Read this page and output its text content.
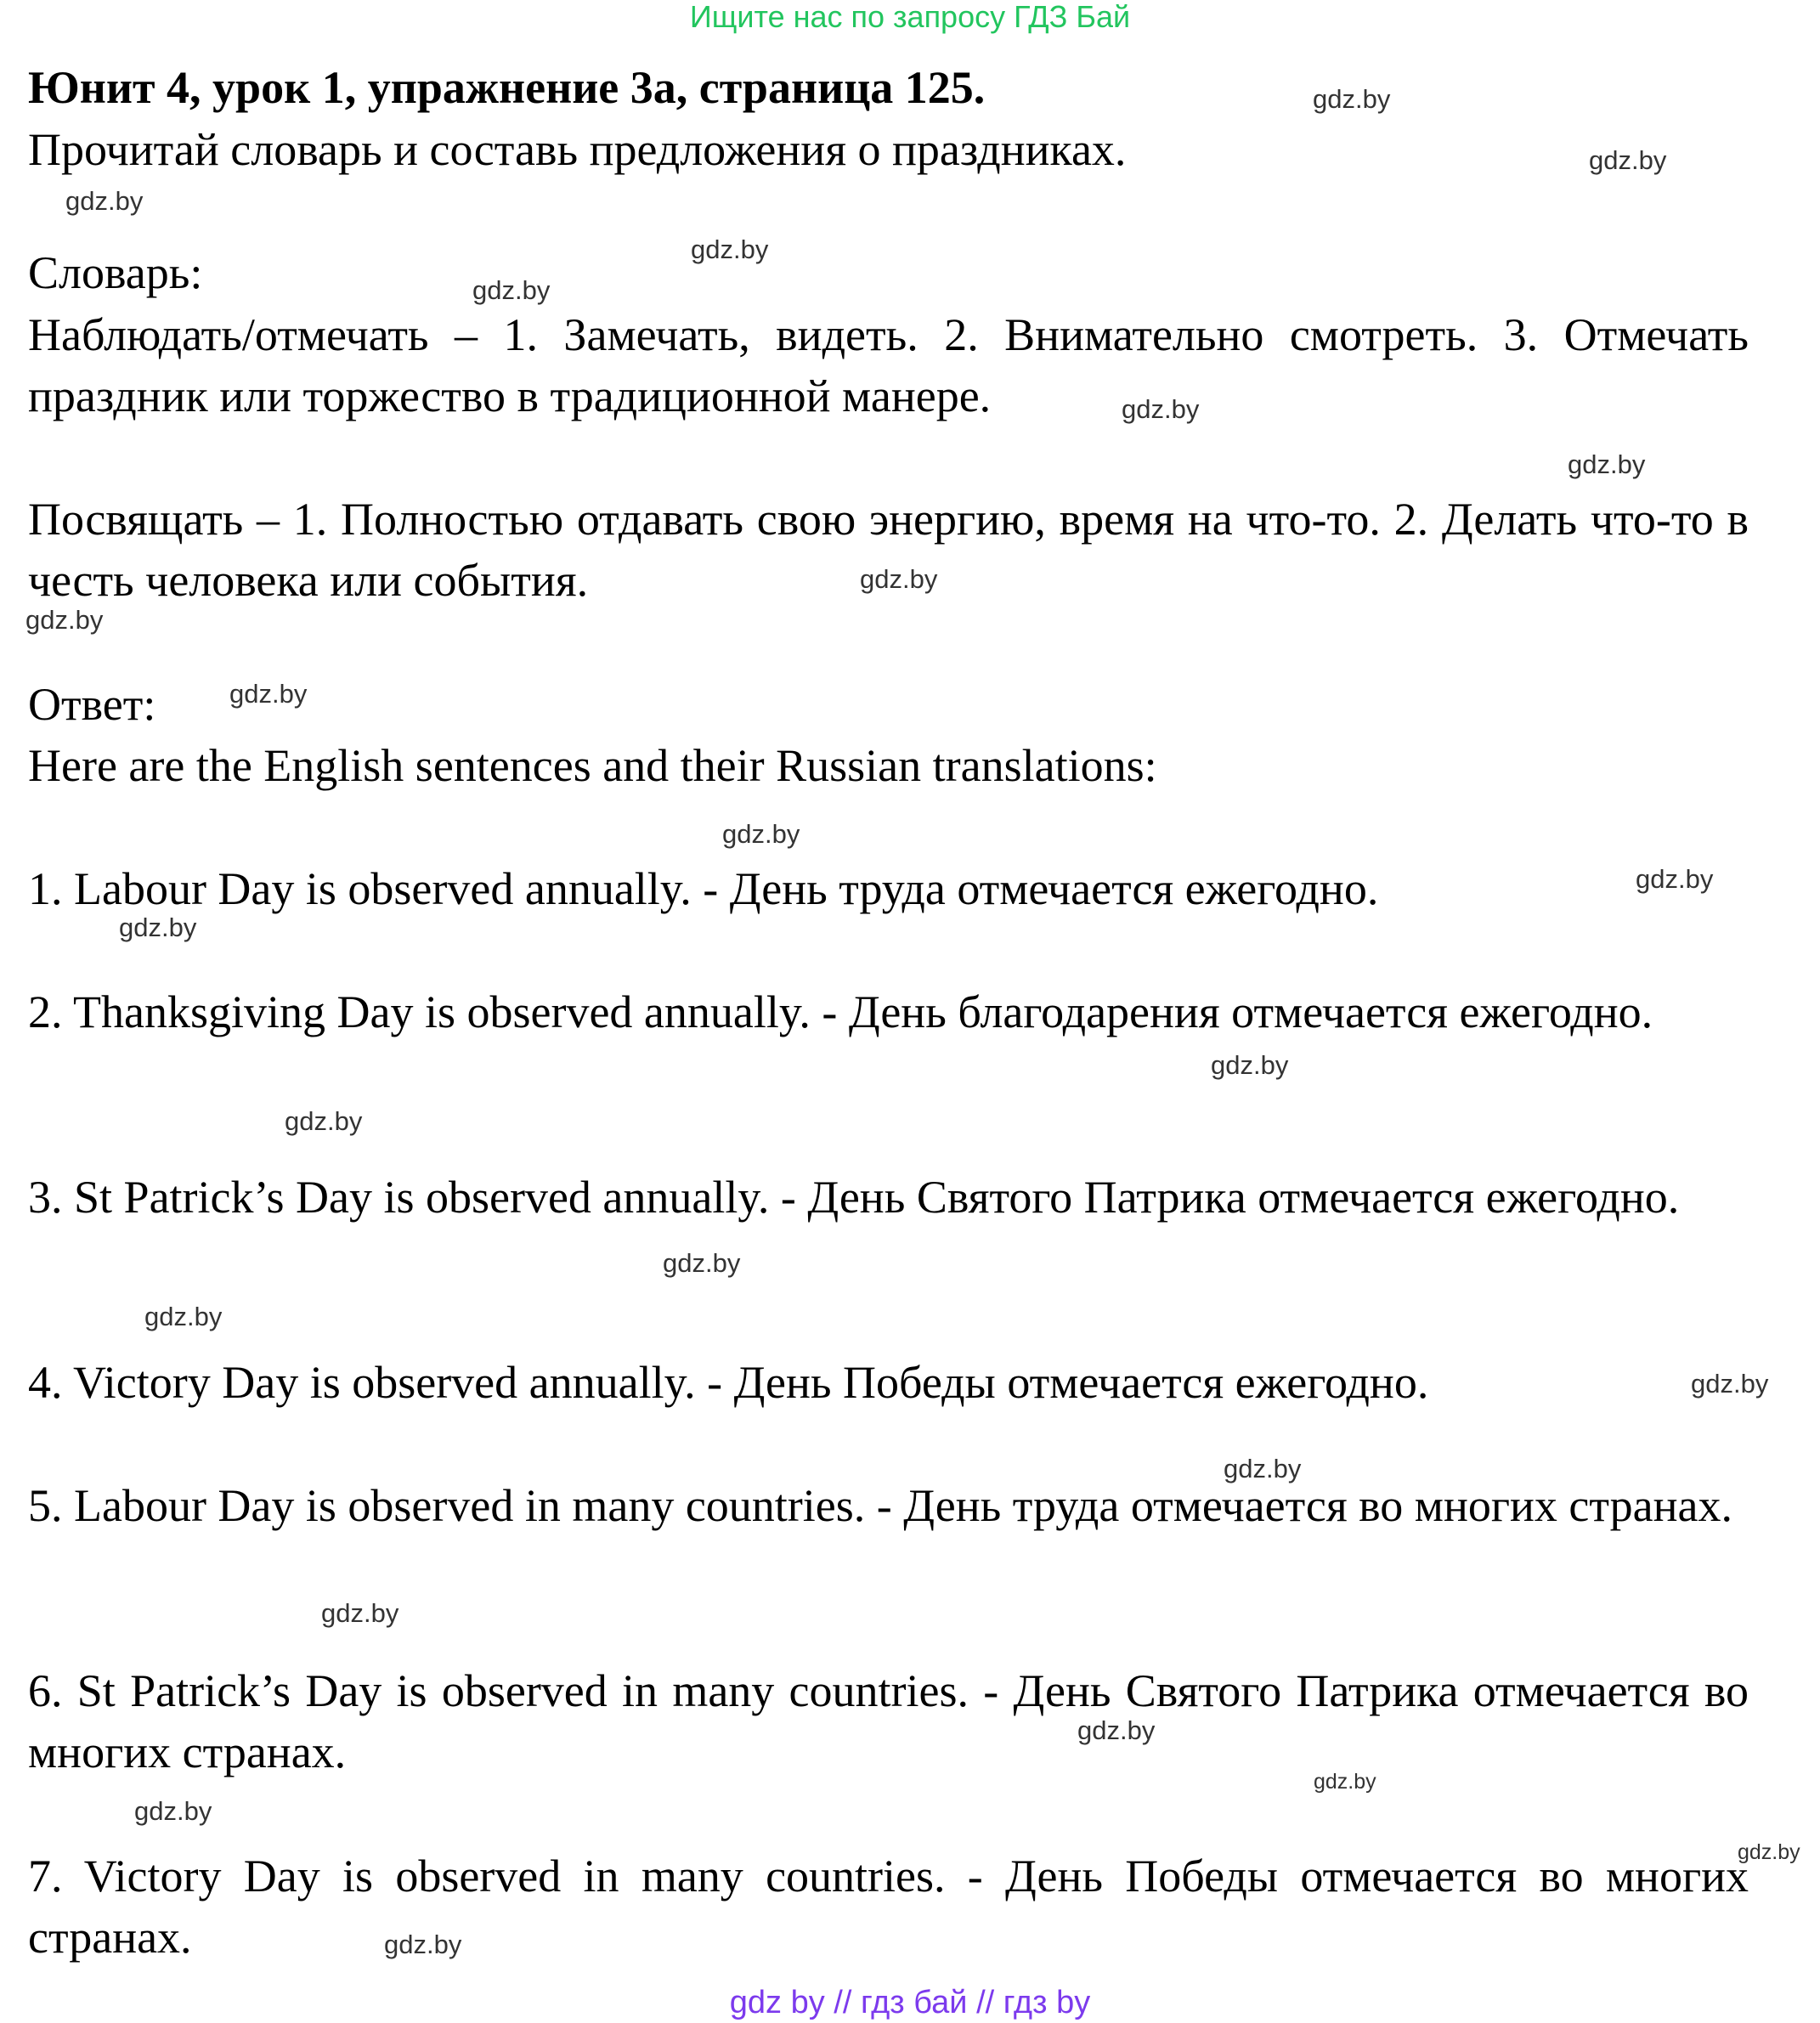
Ищите нас по запросу ГДЗ Бай
Юнит 4, урок 1, упражнение 3а, страница 125.

Прочитай словарь и составь предложения о праздниках.

Словарь:

Наблюдать/отмечать – 1. Замечать, видеть. 2. Внимательно смотреть. 3. Отмечать праздник или торжество в традиционной манере.

Посвящать – 1. Полностью отдавать свою энергию, время на что-то. 2. Делать что-то в честь человека или события.

Ответ:

Here are the English sentences and their Russian translations:

1. Labour Day is observed annually. - День труда отмечается ежегодно.

2. Thanksgiving Day is observed annually. - День благодарения отмечается ежегодно.

3. St Patrick’s Day is observed annually. - День Святого Патрика отмечается ежегодно.

4. Victory Day is observed annually. - День Победы отмечается ежегодно.

5. Labour Day is observed in many countries. - День труда отмечается во многих странах.

6. St Patrick’s Day is observed in many countries. - День Святого Патрика отмечается во многих странах.

7. Victory Day is observed in many countries. - День Победы отмечается во многих странах.

gdz.by
gdz.by
gdz.by
gdz.by
gdz.by
gdz.by
gdz.by
gdz.by
gdz.by
gdz.by
gdz.by
gdz.by
gdz.by
gdz.by
gdz.by
gdz.by
gdz.by
gdz.by
gdz.by
gdz.by
gdz.by
gdz.by
gdz.by
gdz.by
gdz.by
gdz by // гдз бай // гдз by
